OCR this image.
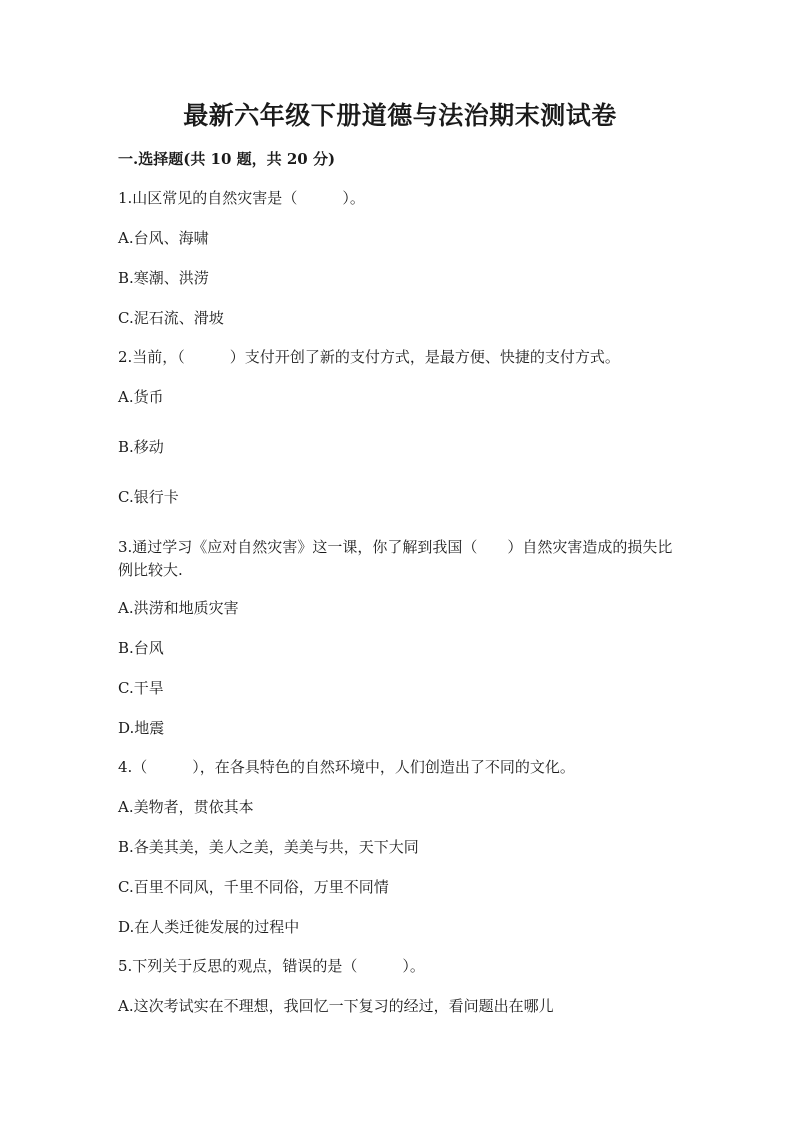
最新六年级下册道德与法治期末测试卷
一.选择题(共 10 题，共 20 分)
1.山区常见的自然灾害是（　　　）。
A.台风、海啸
B.寒潮、洪涝
C.泥石流、滑坡
2.当前，（　　　）支付开创了新的支付方式，是最方便、快捷的支付方式。
A.货币
B.移动
C.银行卡
3.通过学习《应对自然灾害》这一课，你了解到我国（　　）自然灾害造成的损失比例比较大.
A.洪涝和地质灾害
B.台风
C.干旱
D.地震
4.（　　　），在各具特色的自然环境中，人们创造出了不同的文化。
A.美物者，贯依其本
B.各美其美，美人之美，美美与共，天下大同
C.百里不同风，千里不同俗，万里不同情
D.在人类迁徙发展的过程中
5.下列关于反思的观点，错误的是（　　　）。
A.这次考试实在不理想，我回忆一下复习的经过，看问题出在哪儿
